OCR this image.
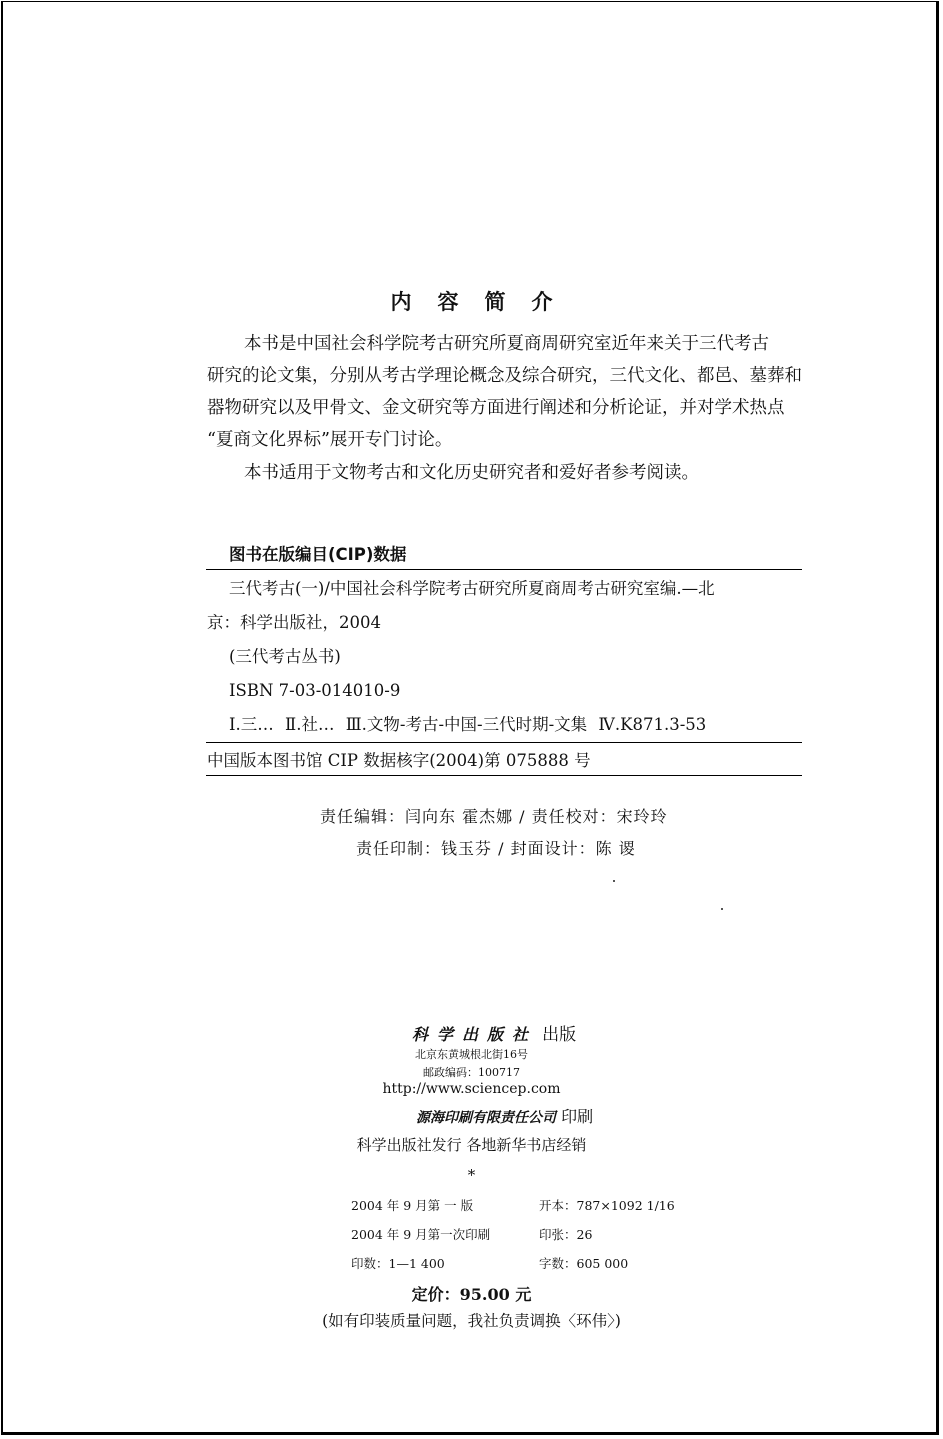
内容简介
本书是中国社会科学院考古研究所夏商周研究室近年来关于三代考古
研究的论文集，分别从考古学理论概念及综合研究，三代文化、都邑、墓葬和
器物研究以及甲骨文、金文研究等方面进行阐述和分析论证，并对学术热点
“夏商文化界标”展开专门讨论。
本书适用于文物考古和文化历史研究者和爱好者参考阅读。
图书在版编目(CIP)数据
三代考古(一)/中国社会科学院考古研究所夏商周考古研究室编.—北
京：科学出版社，2004
(三代考古丛书)
ISBN 7-03-014010-9
Ⅰ.三… Ⅱ.社… Ⅲ.文物-考古-中国-三代时期-文集 Ⅳ.K871.3-53
中国版本图书馆 CIP 数据核字(2004)第 075888 号
责任编辑：闫向东 霍杰娜 / 责任校对：宋玲玲
责任印制：钱玉芬 / 封面设计：陈 谡
科学出版社 出版
北京东黄城根北街16号
邮政编码：100717
http://www.sciencep.com
源海印刷有限责任公司 印刷
科学出版社发行 各地新华书店经销
*
2004 年 9 月第 一 版	开本：787×1092 1/16
2004 年 9 月第一次印刷	印张：26
印数：1—1 400	字数：605 000
定价：95.00 元
(如有印装质量问题，我社负责调换〈环伟〉)
